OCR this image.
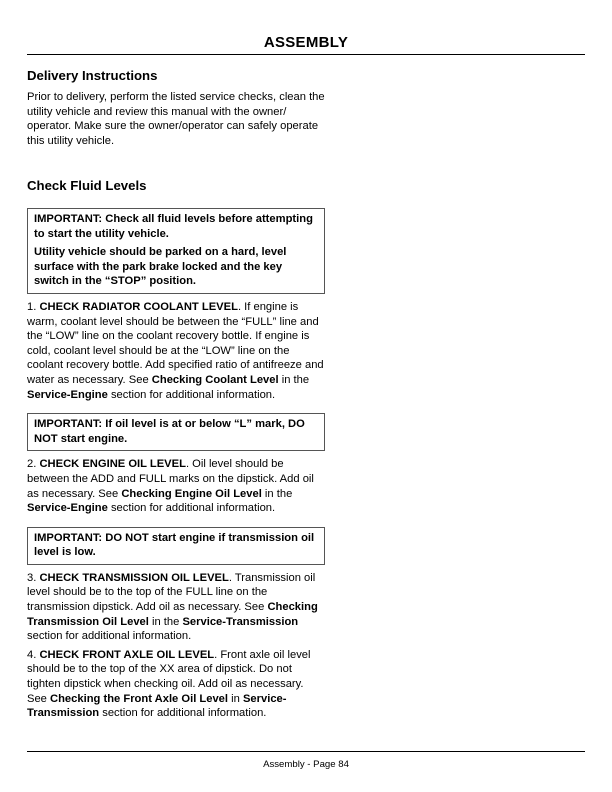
ASSEMBLY
Delivery Instructions

Prior to delivery, perform the listed service checks, clean the utility vehicle and review this manual with the owner/ operator. Make sure the owner/operator can safely operate this utility vehicle.

Check Fluid Levels

IMPORTANT: Check all fluid levels before attempting to start the utility vehicle.

Utility vehicle should be parked on a hard, level surface with the park brake locked and the key switch in the “STOP” position.

1. CHECK RADIATOR COOLANT LEVEL. If engine is warm, coolant level should be between the “FULL” line and the “LOW” line on the coolant recovery bottle. If engine is cold, coolant level should be at the “LOW” line on the coolant recovery bottle. Add specified ratio of antifreeze and water as necessary. See Checking Coolant Level in the Service-Engine section for additional information.

IMPORTANT: If oil level is at or below “L” mark, DO NOT start engine.

2. CHECK ENGINE OIL LEVEL. Oil level should be between the ADD and FULL marks on the dipstick. Add oil as necessary. See Checking Engine Oil Level in the Service-Engine section for additional information.

IMPORTANT: DO NOT start engine if transmission oil level is low.

3. CHECK TRANSMISSION OIL LEVEL. Transmission oil level should be to the top of the FULL line on the transmission dipstick. Add oil as necessary. See Checking Transmission Oil Level in the Service-Transmission section for additional information.

4. CHECK FRONT AXLE OIL LEVEL. Front axle oil level should be to the top of the XX area of dipstick. Do not tighten dipstick when checking oil. Add oil as necessary. See Checking the Front Axle Oil Level in Service-Transmission section for additional information.

Assembly - Page 84
